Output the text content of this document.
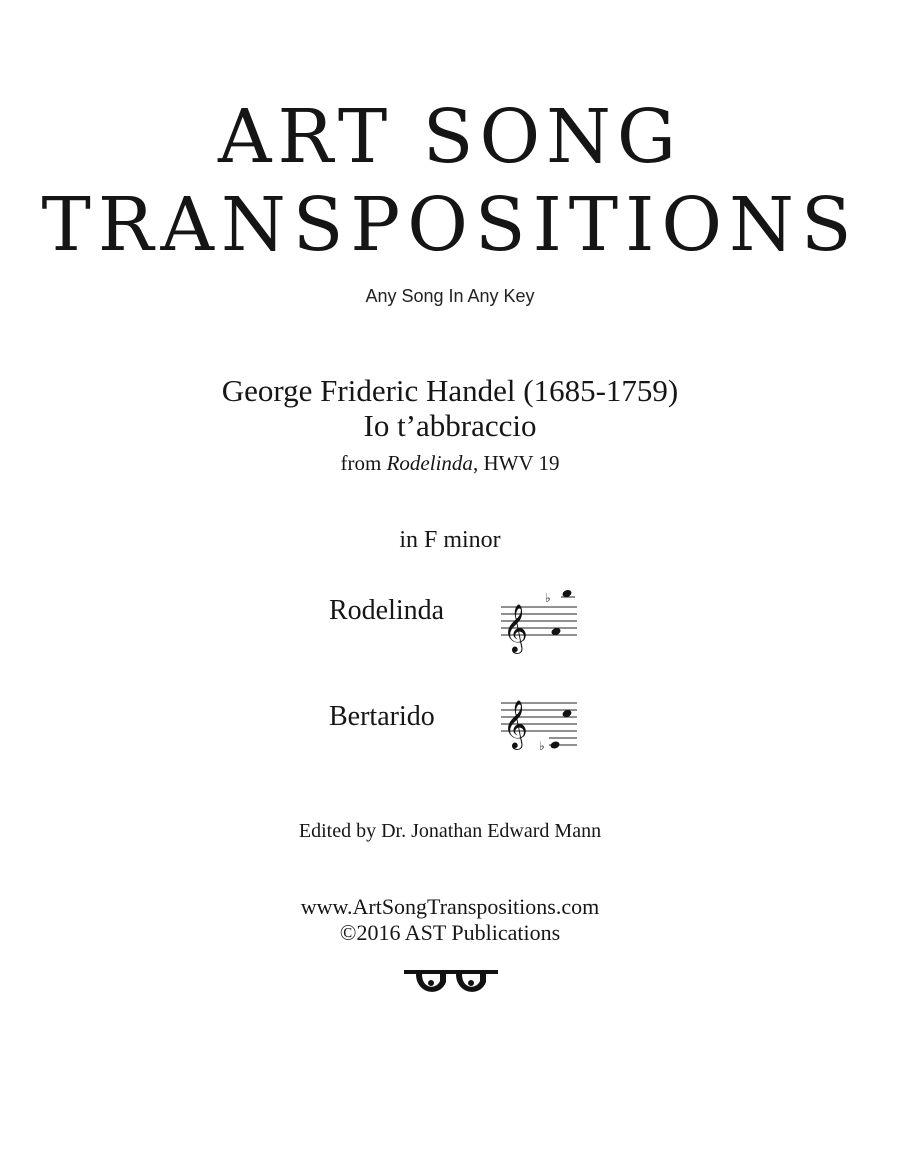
ART SONG
TRANSPOSITIONS
Any Song In Any Key
George Frideric Handel (1685-1759)
Io t’abbraccio
from Rodelinda, HWV 19
in F minor
Rodelinda 𝄞
♭
Bertarido 𝄞 ♭
Edited by Dr. Jonathan Edward Mann
www.ArtSongTranspositions.com
©2016 AST Publications
